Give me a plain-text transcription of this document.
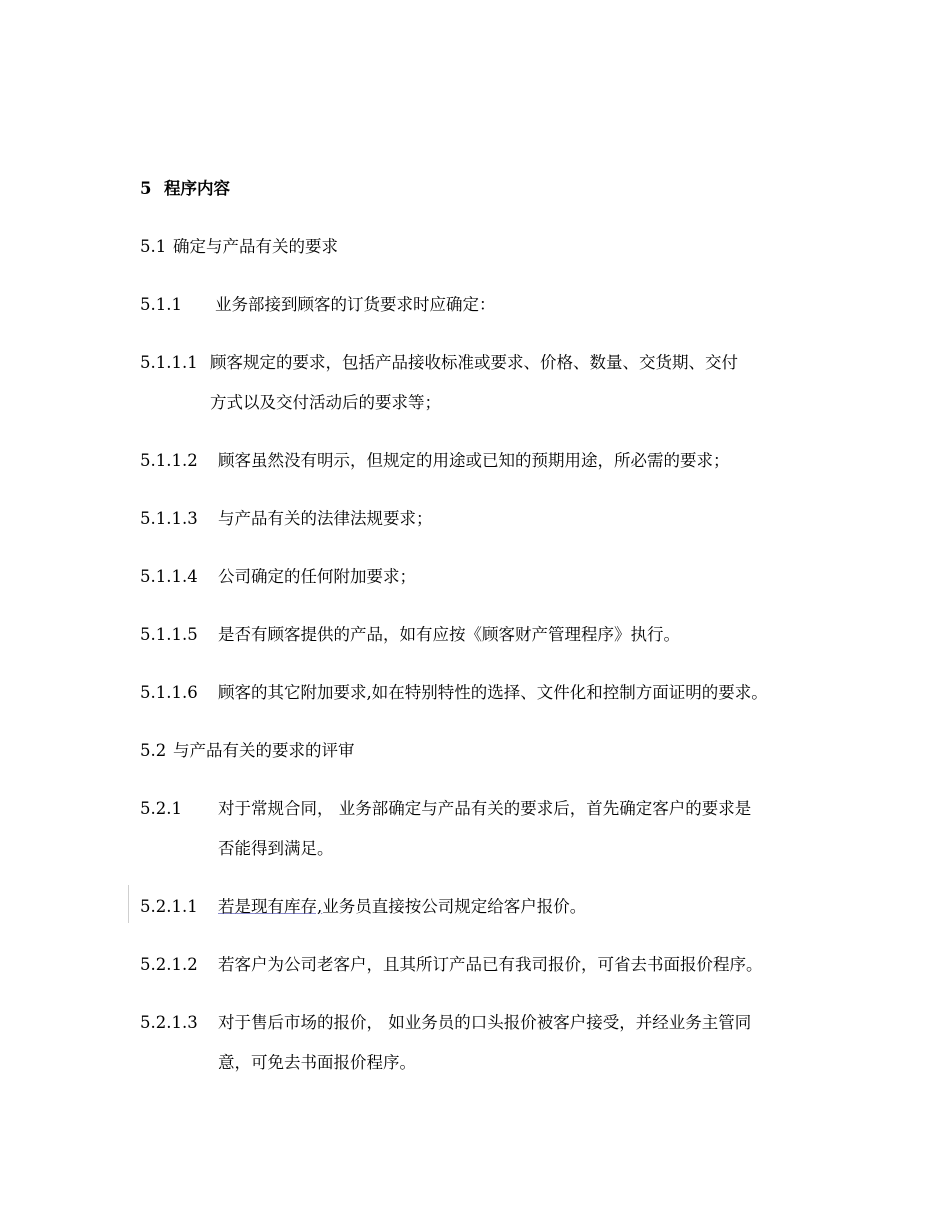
5 程序内容
5.1 确定与产品有关的要求
5.1.1 业务部接到顾客的订货要求时应确定：
5.1.1.1 顾客规定的要求，包括产品接收标准或要求、价格、数量、交货期、交付
方式以及交付活动后的要求等；
5.1.1.2 顾客虽然没有明示，但规定的用途或已知的预期用途，所必需的要求；
5.1.1.3 与产品有关的法律法规要求；
5.1.1.4 公司确定的任何附加要求；
5.1.1.5 是否有顾客提供的产品，如有应按《顾客财产管理程序》执行。
5.1.1.6 顾客的其它附加要求,如在特别特性的选择、文件化和控制方面证明的要求。
5.2 与产品有关的要求的评审
5.2.1 对于常规合同， 业务部确定与产品有关的要求后，首先确定客户的要求是
否能得到满足。
5.2.1.1 若是现有库存,业务员直接按公司规定给客户报价。
5.2.1.2 若客户为公司老客户，且其所订产品已有我司报价，可省去书面报价程序。
5.2.1.3 对于售后市场的报价， 如业务员的口头报价被客户接受，并经业务主管同
意，可免去书面报价程序。
